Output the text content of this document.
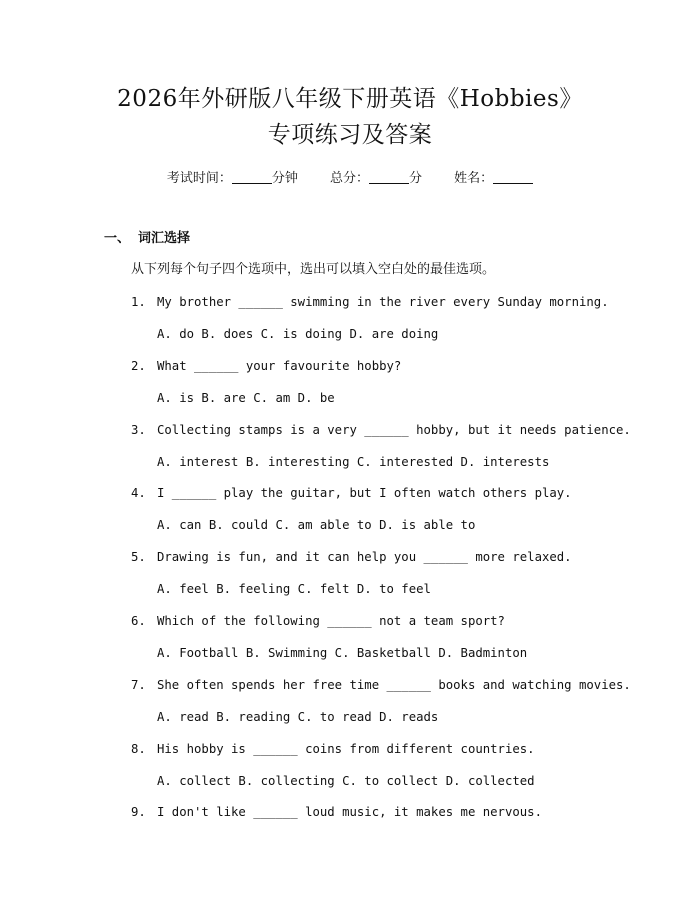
2026年外研版八年级下册英语《Hobbies》
专项练习及答案
考试时间：	分钟 总分：	分 姓名：
一、 词汇选择
从下列每个句子四个选项中，选出可以填入空白处的最佳选项。
1. My brother ______ swimming in the river every Sunday morning.
A. do B. does C. is doing D. are doing
2. What ______ your favourite hobby?
A. is B. are C. am D. be
3. Collecting stamps is a very ______ hobby, but it needs patience.
A. interest B. interesting C. interested D. interests
4. I ______ play the guitar, but I often watch others play.
A. can B. could C. am able to D. is able to
5. Drawing is fun, and it can help you ______ more relaxed.
A. feel B. feeling C. felt D. to feel
6. Which of the following ______ not a team sport?
A. Football B. Swimming C. Basketball D. Badminton
7. She often spends her free time ______ books and watching movies.
A. read B. reading C. to read D. reads
8. His hobby is ______ coins from different countries.
A. collect B. collecting C. to collect D. collected
9. I don't like ______ loud music, it makes me nervous.
